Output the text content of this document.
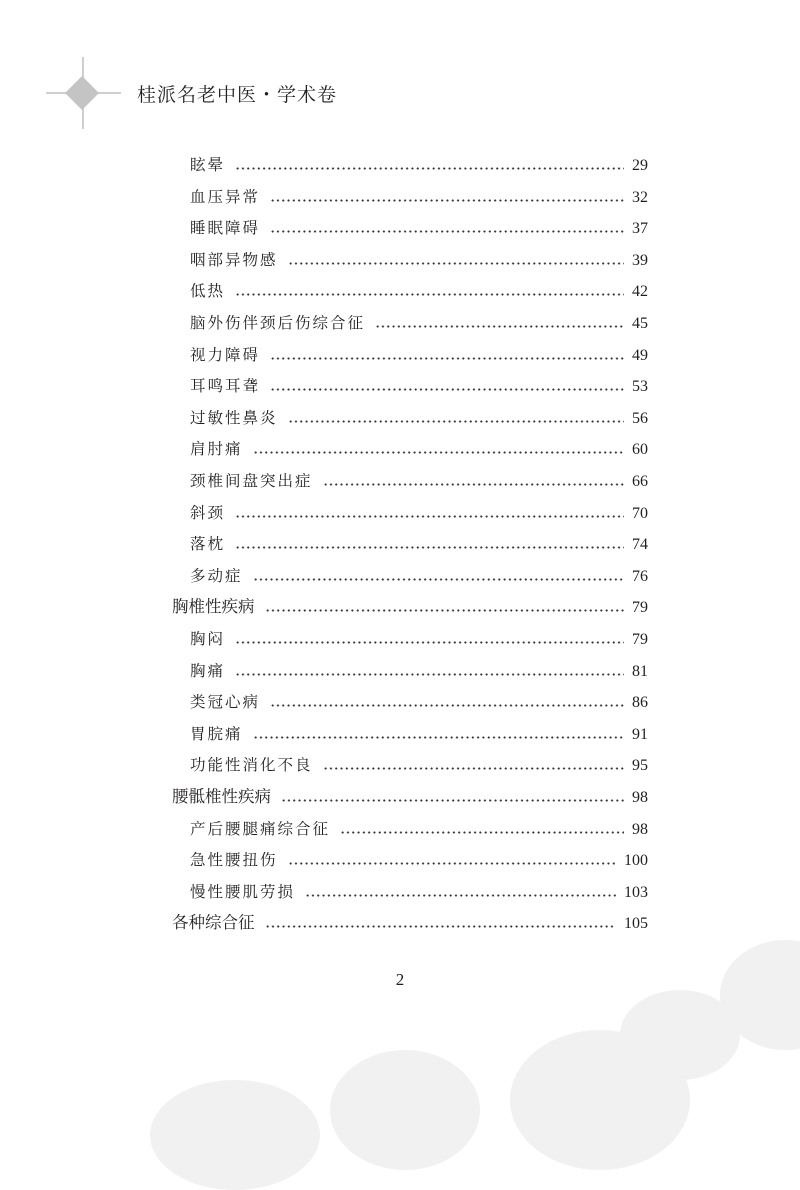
桂派名老中医・学术卷
眩晕	29
血压异常	32
睡眠障碍	37
咽部异物感	39
低热	42
脑外伤伴颈后伤综合征	45
视力障碍	49
耳鸣耳聋	53
过敏性鼻炎	56
肩肘痛	60
颈椎间盘突出症	66
斜颈	70
落枕	74
多动症	76
胸椎性疾病	79
胸闷	79
胸痛	81
类冠心病	86
胃脘痛	91
功能性消化不良	95
腰骶椎性疾病	98
产后腰腿痛综合征	98
急性腰扭伤	100
慢性腰肌劳损	103
各种综合征	105
2
